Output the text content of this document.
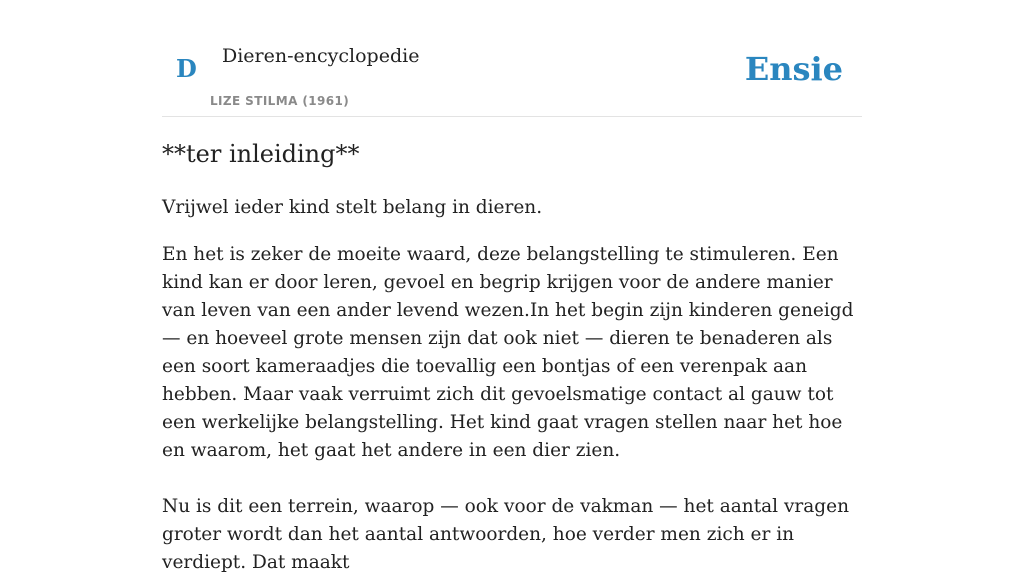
D Dieren-encyclopedie
LIZE STILMA (1961)
Ensie
**ter inleiding**

Vrijwel ieder kind stelt belang in dieren.

En het is zeker de moeite waard, deze belangstelling te stimuleren. Een kind kan er door leren, gevoel en begrip krijgen voor de andere manier van leven van een ander levend wezen.In het begin zijn kinderen geneigd — en hoeveel grote mensen zijn dat ook niet — dieren te benaderen als een soort kameraadjes die toevallig een bontjas of een verenpak aan hebben. Maar vaak verruimt zich dit gevoelsmatige contact al gauw tot een werkelijke belangstelling. Het kind gaat vragen stellen naar het hoe en waarom, het gaat het andere in een dier zien.

Nu is dit een terrein, waarop — ook voor de vakman — het aantal vragen groter wordt dan het aantal antwoorden, hoe verder men zich er in verdiept. Dat maakt
